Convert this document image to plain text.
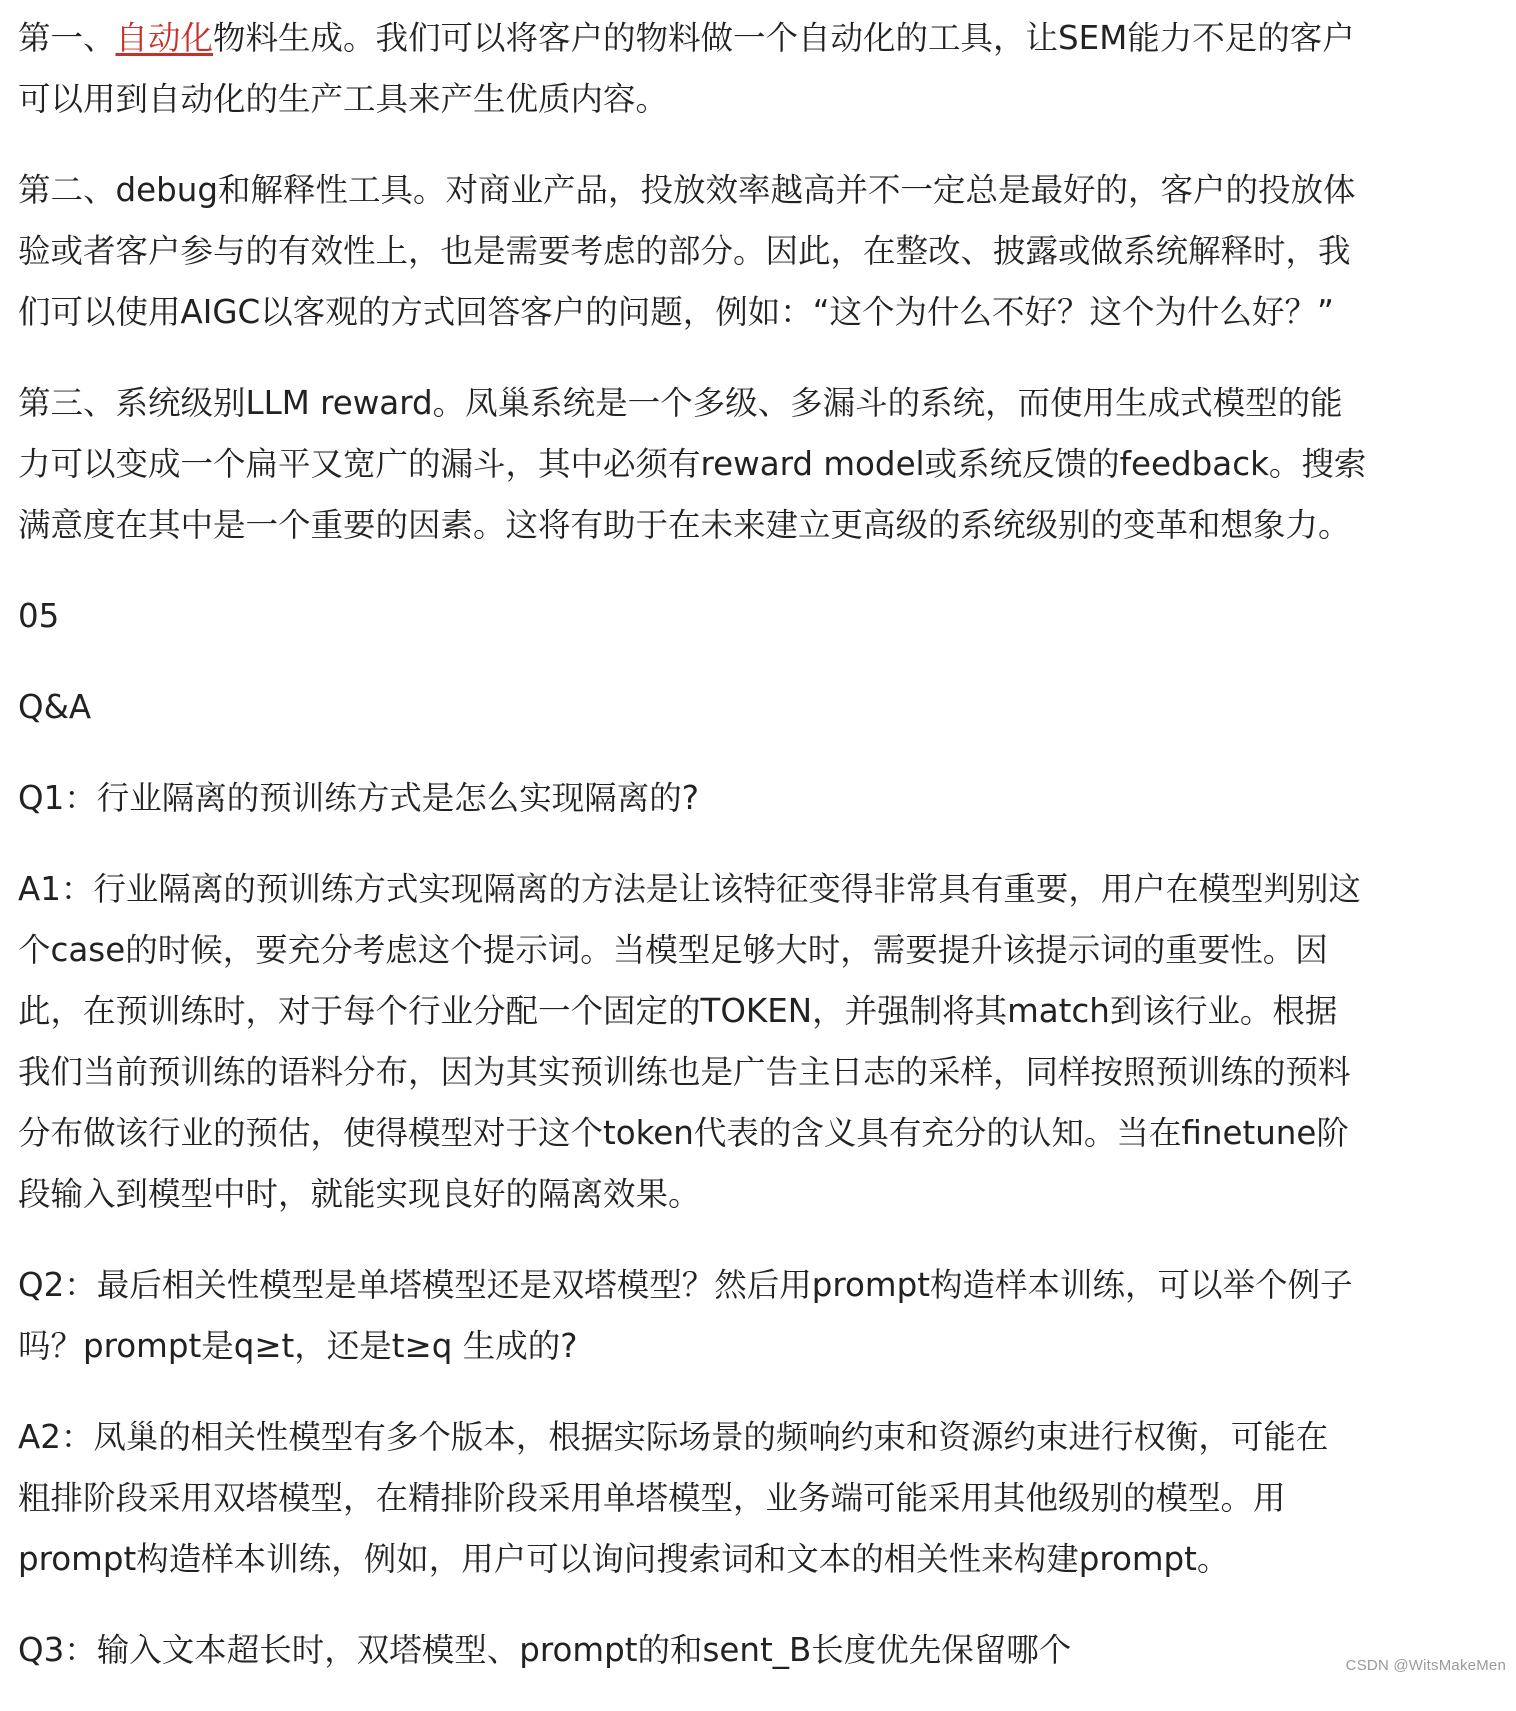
第一、自动化物料生成。我们可以将客户的物料做一个自动化的工具，让SEM能力不足的客户
可以用到自动化的生产工具来产生优质内容。

第二、debug和解释性工具。对商业产品，投放效率越高并不一定总是最好的，客户的投放体
验或者客户参与的有效性上，也是需要考虑的部分。因此，在整改、披露或做系统解释时，我
们可以使用AIGC以客观的方式回答客户的问题，例如：“这个为什么不好？这个为什么好？”

第三、系统级别LLM reward。凤巢系统是一个多级、多漏斗的系统，而使用生成式模型的能
力可以变成一个扁平又宽广的漏斗，其中必须有reward model或系统反馈的feedback。搜索
满意度在其中是一个重要的因素。这将有助于在未来建立更高级的系统级别的变革和想象力。

05

Q&A

Q1：行业隔离的预训练方式是怎么实现隔离的?

A1：行业隔离的预训练方式实现隔离的方法是让该特征变得非常具有重要，用户在模型判别这
个case的时候，要充分考虑这个提示词。当模型足够大时，需要提升该提示词的重要性。因
此，在预训练时，对于每个行业分配一个固定的TOKEN，并强制将其match到该行业。根据
我们当前预训练的语料分布，因为其实预训练也是广告主日志的采样，同样按照预训练的预料
分布做该行业的预估，使得模型对于这个token代表的含义具有充分的认知。当在finetune阶
段输入到模型中时，就能实现良好的隔离效果。

Q2：最后相关性模型是单塔模型还是双塔模型？然后用prompt构造样本训练，可以举个例子
吗？prompt是q≥t，还是t≥q 生成的?

A2：凤巢的相关性模型有多个版本，根据实际场景的频响约束和资源约束进行权衡，可能在
粗排阶段采用双塔模型，在精排阶段采用单塔模型，业务端可能采用其他级别的模型。用
prompt构造样本训练，例如，用户可以询问搜索词和文本的相关性来构建prompt。

Q3：输入文本超长时，双塔模型、prompt的和sent_B长度优先保留哪个	CSDN @WitsMakeMen
